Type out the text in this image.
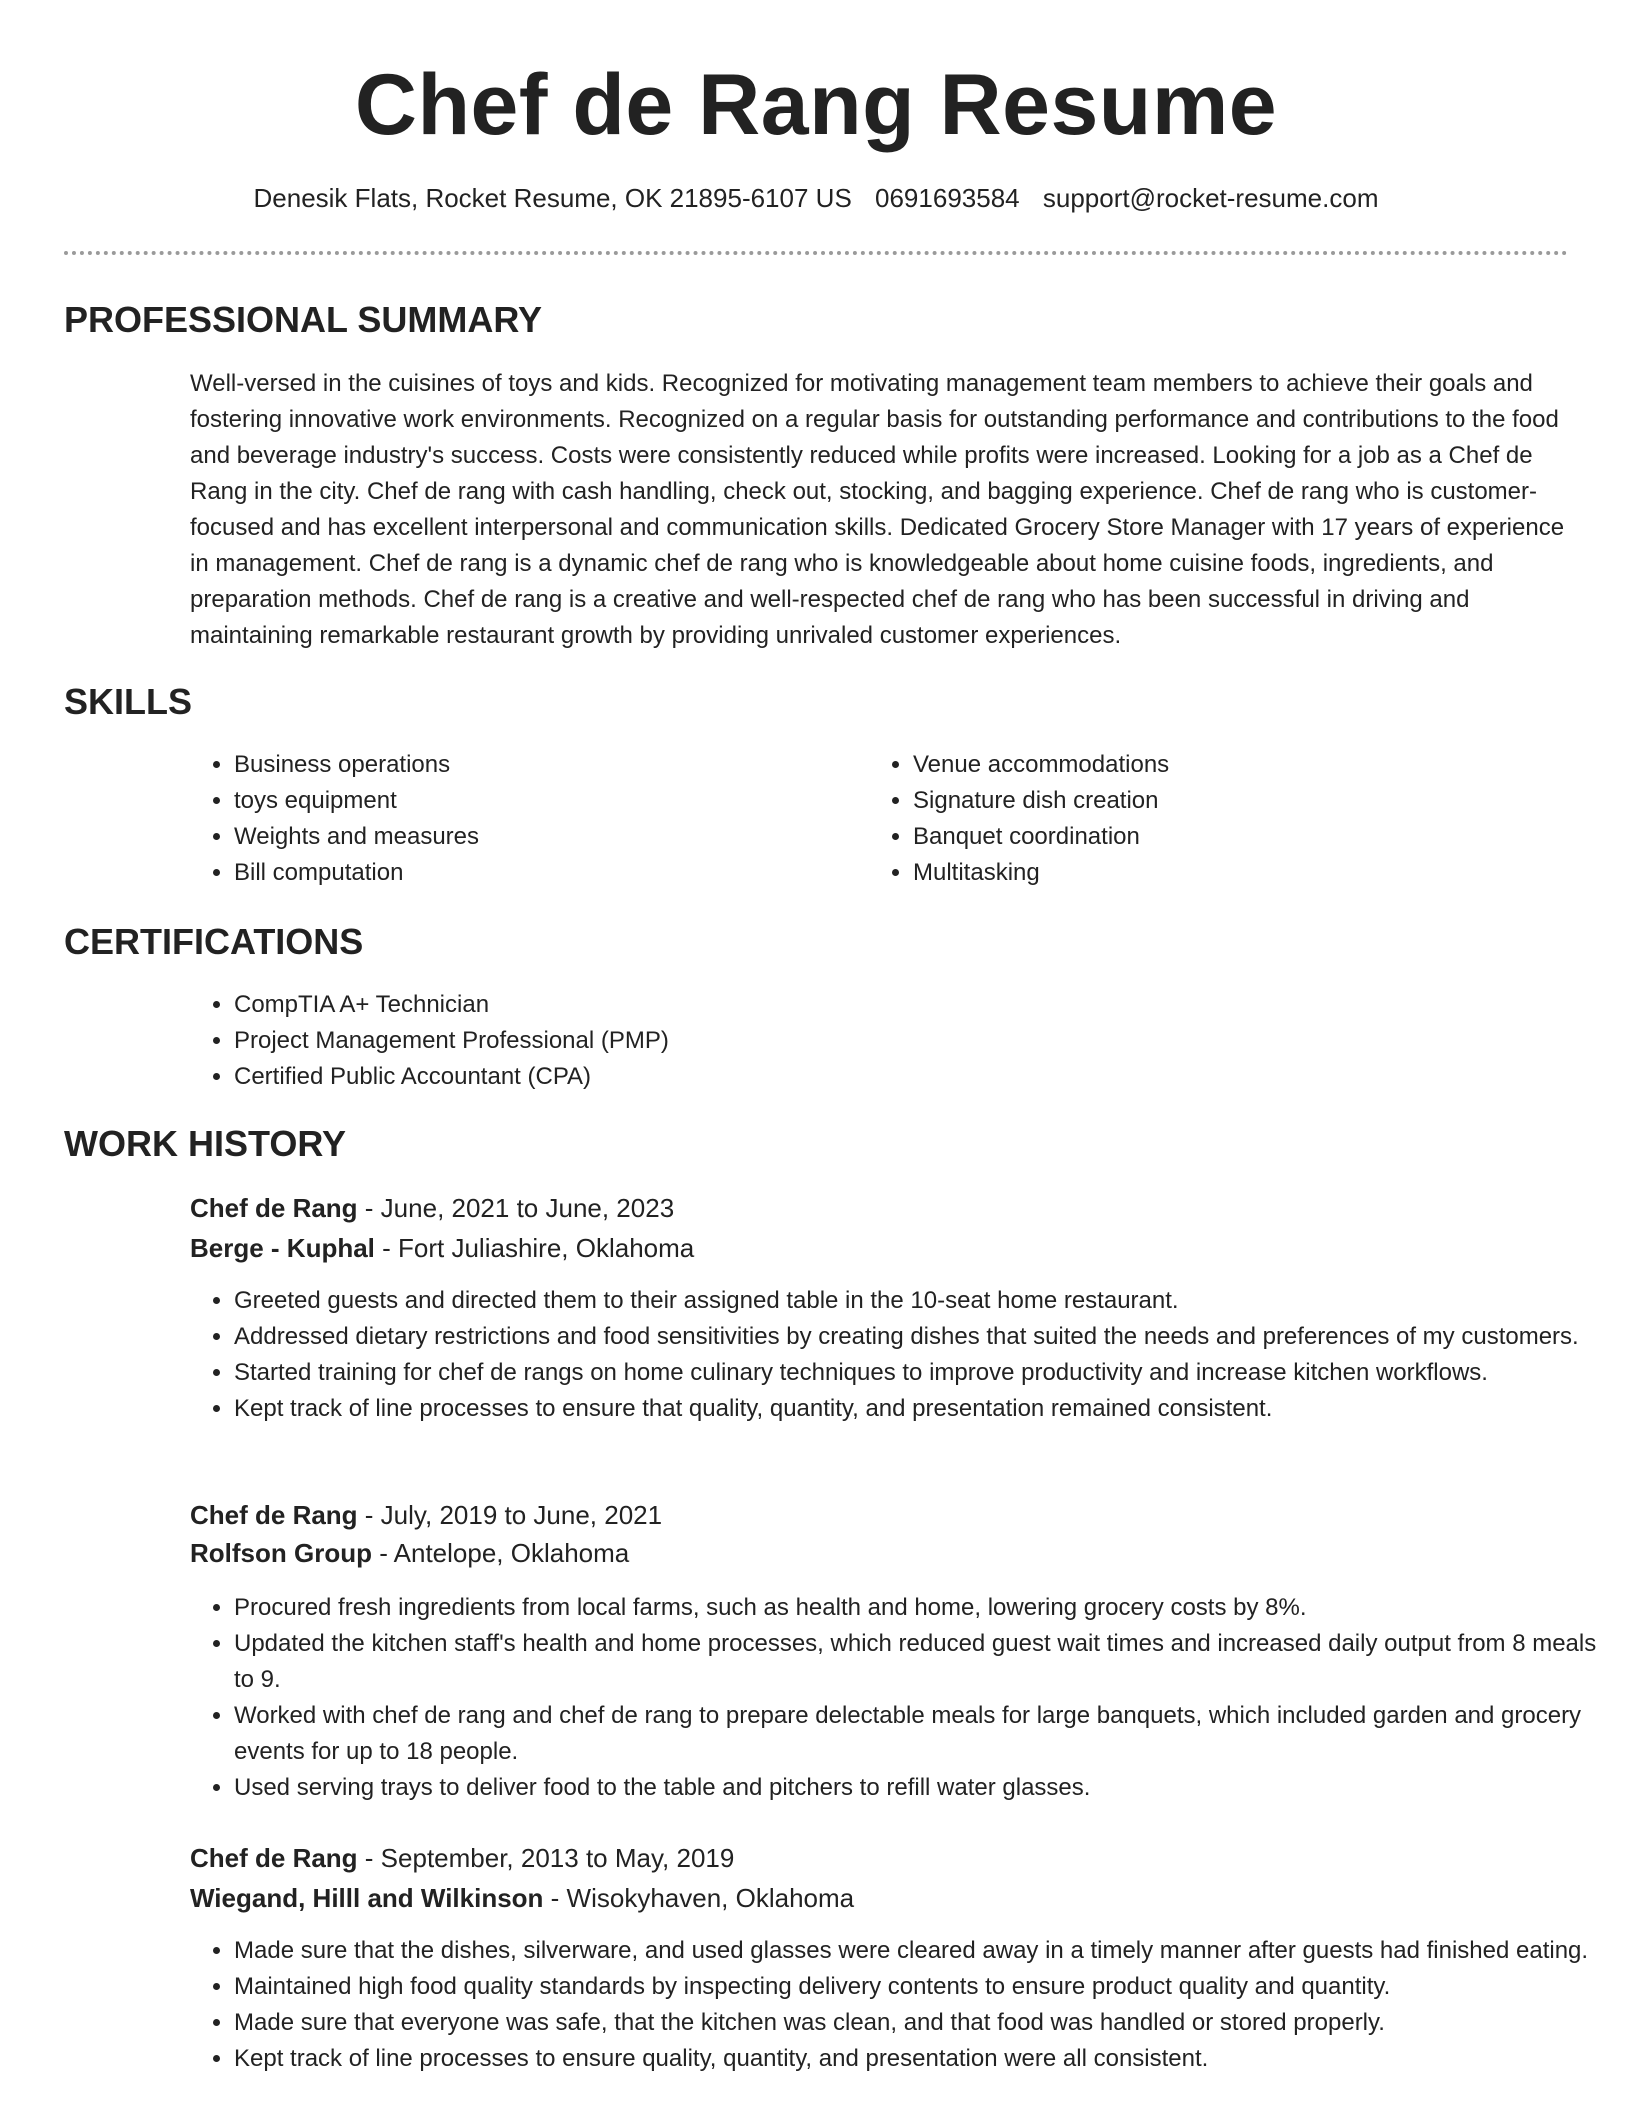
Chef de Rang Resume
Denesik Flats, Rocket Resume, OK 21895-6107 US 0691693584 support@rocket-resume.com
PROFESSIONAL SUMMARY

Well-versed in the cuisines of toys and kids. Recognized for motivating management team members to achieve their goals and fostering innovative work environments. Recognized on a regular basis for outstanding performance and contributions to the food and beverage industry's success. Costs were consistently reduced while profits were increased. Looking for a job as a Chef de Rang in the city. Chef de rang with cash handling, check out, stocking, and bagging experience. Chef de rang who is customer-focused and has excellent interpersonal and communication skills. Dedicated Grocery Store Manager with 17 years of experience in management. Chef de rang is a dynamic chef de rang who is knowledgeable about home cuisine foods, ingredients, and preparation methods. Chef de rang is a creative and well-respected chef de rang who has been successful in driving and maintaining remarkable restaurant growth by providing unrivaled customer experiences.

SKILLS
• Business operations
• toys equipment
• Weights and measures
• Bill computation
• Venue accommodations
• Signature dish creation
• Banquet coordination
• Multitasking
CERTIFICATIONS
• CompTIA A+ Technician
• Project Management Professional (PMP)
• Certified Public Accountant (CPA)
WORK HISTORY

Chef de Rang - June, 2021 to June, 2023

Berge - Kuphal - Fort Juliashire, Oklahoma

• Greeted guests and directed them to their assigned table in the 10-seat home restaurant.
• Addressed dietary restrictions and food sensitivities by creating dishes that suited the needs and preferences of my customers.
• Started training for chef de rangs on home culinary techniques to improve productivity and increase kitchen workflows.
• Kept track of line processes to ensure that quality, quantity, and presentation remained consistent.

Chef de Rang - July, 2019 to June, 2021

Rolfson Group - Antelope, Oklahoma

• Procured fresh ingredients from local farms, such as health and home, lowering grocery costs by 8%.
• Updated the kitchen staff's health and home processes, which reduced guest wait times and increased daily output from 8 meals to 9.
• Worked with chef de rang and chef de rang to prepare delectable meals for large banquets, which included garden and grocery events for up to 18 people.
• Used serving trays to deliver food to the table and pitchers to refill water glasses.

Chef de Rang - September, 2013 to May, 2019

Wiegand, Hilll and Wilkinson - Wisokyhaven, Oklahoma

• Made sure that the dishes, silverware, and used glasses were cleared away in a timely manner after guests had finished eating.
• Maintained high food quality standards by inspecting delivery contents to ensure product quality and quantity.
• Made sure that everyone was safe, that the kitchen was clean, and that food was handled or stored properly.
• Kept track of line processes to ensure quality, quantity, and presentation were all consistent.
